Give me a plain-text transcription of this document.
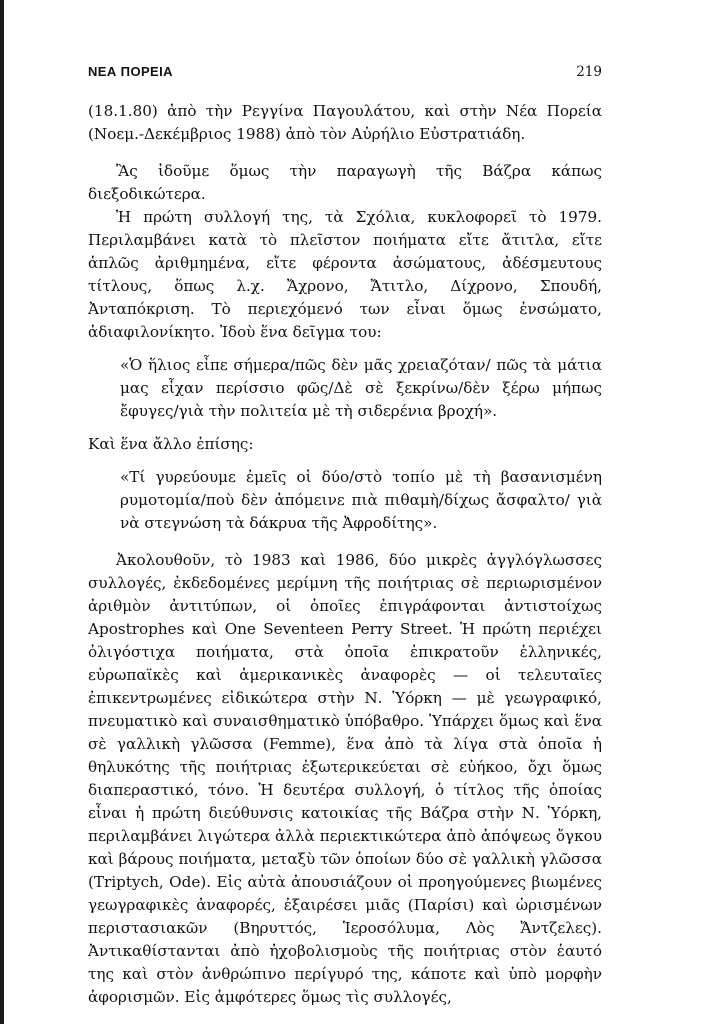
ΝΕΑ ΠΟΡΕΙΑ	219

(18.1.80) ἀπὸ τὴν Ρεγγίνα Παγουλάτου, καὶ στὴν Νέα Πορεία (Νοεμ.-Δεκέμβριος 1988) ἀπὸ τὸν Αὐρήλιο Εὐστρατιάδη.

Ἂς ἰδοῦμε ὅμως τὴν παραγωγὴ τῆς Βάζρα κάπως διεξοδικώτερα.

Ἡ πρώτη συλλογή της, τὰ Σχόλια, κυκλοφορεῖ τὸ 1979. Περιλαμβάνει κατὰ τὸ πλεῖστον ποιήματα εἴτε ἄτιτλα, εἴτε ἁπλῶς ἀριθμημένα, εἴτε φέροντα ἀσώματους, ἀδέσμευτους τίτλους, ὅπως λ.χ. Ἄχρονο, Ἄτιτλο, Δίχρονο, Σπουδή, Ἀνταπόκριση. Τὸ περιεχόμενό των εἶναι ὅμως ἐνσώματο, ἀδιαφιλονίκητο. Ἰδοὺ ἕνα δεῖγμα του:

«Ὁ ἥλιος εἶπε σήμερα/πῶς δὲν μᾶς χρειαζόταν/ πῶς τὰ μάτια μας εἶχαν περίσσιο φῶς/Δὲ σὲ ξεκρίνω/δὲν ξέρω μήπως ἔφυγες/γιὰ τὴν πολιτεία μὲ τὴ σιδερένια βροχή».

Καὶ ἕνα ἄλλο ἐπίσης:

«Τί γυρεύουμε ἐμεῖς οἱ δύο/στὸ τοπίο μὲ τὴ βασανισμένη ρυμοτομία/ποὺ δὲν ἀπόμεινε πιὰ πιθαμὴ/δίχως ἄσφαλτο/ γιὰ νὰ στεγνώση τὰ δάκρυα τῆς Ἀφροδίτης».

Ἀκολουθοῦν, τὸ 1983 καὶ 1986, δύο μικρὲς ἀγγλόγλωσσες συλλογές, ἐκδεδομένες μερίμνη τῆς ποιήτριας σὲ περιωρισμένον ἀριθμὸν ἀντιτύπων, οἱ ὁποῖες ἐπιγράφονται ἀντιστοίχως Apostrophes καὶ One Seventeen Perry Street. Ἡ πρώτη περιέχει ὀλιγόστιχα ποιήματα, στὰ ὁποῖα ἐπικρατοῦν ἑλληνικές, εὐρωπαϊκὲς καὶ ἀμερικανικὲς ἀναφορὲς — οἱ τελευταῖες ἐπικεντρωμένες εἰδικώτερα στὴν Ν. Ὑόρκη — μὲ γεωγραφικό, πνευματικὸ καὶ συναισθηματικὸ ὑπόβαθρο. Ὑπάρχει ὅμως καὶ ἕνα σὲ γαλλικὴ γλῶσσα (Femme), ἕνα ἀπὸ τὰ λίγα στὰ ὁποῖα ἡ θηλυκότης τῆς ποιήτριας ἐξωτερικεύεται σὲ εὐήκοο, ὄχι ὅμως διαπεραστικό, τόνο. Ἡ δευτέρα συλλογή, ὁ τίτλος τῆς ὁποίας εἶναι ἡ πρώτη διεύθυνσις κατοικίας τῆς Βάζρα στὴν Ν. Ὑόρκη, περιλαμβάνει λιγώτερα ἀλλὰ περιεκτικώτερα ἀπὸ ἀπόψεως ὄγκου καὶ βάρους ποιήματα, μεταξὺ τῶν ὁποίων δύο σὲ γαλλικὴ γλῶσσα (Triptych, Ode). Εἰς αὐτὰ ἀπουσιάζουν οἱ προηγούμενες βιωμένες γεωγραφικὲς ἀναφορές, ἐξαιρέσει μιᾶς (Παρίσι) καὶ ὡρισμένων περιστασιακῶν (Βηρυττός, Ἱεροσόλυμα, Λὸς Ἄντζελες). Ἀντικαθίστανται ἀπὸ ἠχοβολισμοὺς τῆς ποιήτριας στὸν ἑαυτό της καὶ στὸν ἀνθρώπινο περίγυρό της, κάποτε καὶ ὑπὸ μορφὴν ἀφορισμῶν. Εἰς ἀμφότερες ὅμως τὶς συλλογές,
